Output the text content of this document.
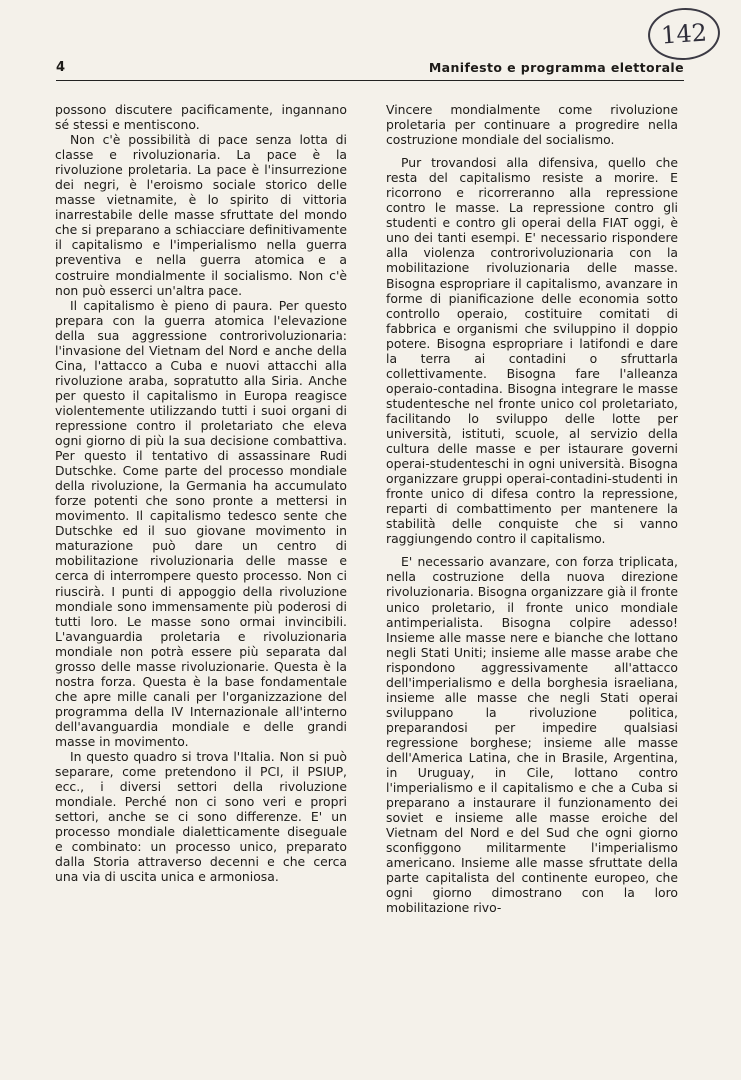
142
4	Manifesto e programma elettorale

possono discutere pacificamente, ingannano sé stessi e mentiscono.

Non c'è possibilità di pace senza lotta di classe e rivoluzionaria. La pace è la rivoluzione proletaria. La pace è l'insurrezione dei negri, è l'eroismo sociale storico delle masse vietnamite, è lo spirito di vittoria inarrestabile delle masse sfruttate del mondo che si preparano a schiacciare definitivamente il capitalismo e l'imperialismo nella guerra preventiva e nella guerra atomica e a costruire mondialmente il socialismo. Non c'è non può esserci un'altra pace.

Il capitalismo è pieno di paura. Per questo prepara con la guerra atomica l'elevazione della sua aggressione controrivoluzionaria: l'invasione del Vietnam del Nord e anche della Cina, l'attacco a Cuba e nuovi attacchi alla rivoluzione araba, sopratutto alla Siria. Anche per questo il capitalismo in Europa reagisce violentemente utilizzando tutti i suoi organi di repressione contro il proletariato che eleva ogni giorno di più la sua decisione combattiva. Per questo il tentativo di assassinare Rudi Dutschke. Come parte del processo mondiale della rivoluzione, la Germania ha accumulato forze potenti che sono pronte a mettersi in movimento. Il capitalismo tedesco sente che Dutschke ed il suo giovane movimento in maturazione può dare un centro di mobilitazione rivoluzionaria delle masse e cerca di interrompere questo processo. Non ci riuscirà. I punti di appoggio della rivoluzione mondiale sono immensamente più poderosi di tutti loro. Le masse sono ormai invincibili. L'avanguardia proletaria e rivoluzionaria mondiale non potrà essere più separata dal grosso delle masse rivoluzionarie. Questa è la nostra forza. Questa è la base fondamentale che apre mille canali per l'organizzazione del programma della IV Internazionale all'interno dell'avanguardia mondiale e delle grandi masse in movimento.

In questo quadro si trova l'Italia. Non si può separare, come pretendono il PCI, il PSIUP, ecc., i diversi settori della rivoluzione mondiale. Perché non ci sono veri e propri settori, anche se ci sono differenze. E' un processo mondiale dialetticamente diseguale e combinato: un processo unico, preparato dalla Storia attraverso decenni e che cerca una via di uscita unica e armoniosa.

Vincere mondialmente come rivoluzione proletaria per continuare a progredire nella costruzione mondiale del socialismo.

Pur trovandosi alla difensiva, quello che resta del capitalismo resiste a morire. E ricorrono e ricorreranno alla repressione contro le masse. La repressione contro gli studenti e contro gli operai della FIAT oggi, è uno dei tanti esempi. E' necessario rispondere alla violenza controrivoluzionaria con la mobilitazione rivoluzionaria delle masse. Bisogna espropriare il capitalismo, avanzare in forme di pianificazione delle economia sotto controllo operaio, costituire comitati di fabbrica e organismi che sviluppino il doppio potere. Bisogna espropriare i latifondi e dare la terra ai contadini o sfruttarla collettivamente. Bisogna fare l'alleanza operaio-contadina. Bisogna integrare le masse studentesche nel fronte unico col proletariato, facilitando lo sviluppo delle lotte per università, istituti, scuole, al servizio della cultura delle masse e per istaurare governi operai-studenteschi in ogni università. Bisogna organizzare gruppi operai-contadini-studenti in fronte unico di difesa contro la repressione, reparti di combattimento per mantenere la stabilità delle conquiste che si vanno raggiungendo contro il capitalismo.

E' necessario avanzare, con forza triplicata, nella costruzione della nuova direzione rivoluzionaria. Bisogna organizzare già il fronte unico proletario, il fronte unico mondiale antimperialista. Bisogna colpire adesso! Insieme alle masse nere e bianche che lottano negli Stati Uniti; insieme alle masse arabe che rispondono aggressivamente all'attacco dell'imperialismo e della borghesia israeliana, insieme alle masse che negli Stati operai sviluppano la rivoluzione politica, preparandosi per impedire qualsiasi regressione borghese; insieme alle masse dell'America Latina, che in Brasile, Argentina, in Uruguay, in Cile, lottano contro l'imperialismo e il capitalismo e che a Cuba si preparano a instaurare il funzionamento dei soviet e insieme alle masse eroiche del Vietnam del Nord e del Sud che ogni giorno sconfiggono militarmente l'imperialismo americano. Insieme alle masse sfruttate della parte capitalista del continente europeo, che ogni giorno dimostrano con la loro mobilitazione rivo-
